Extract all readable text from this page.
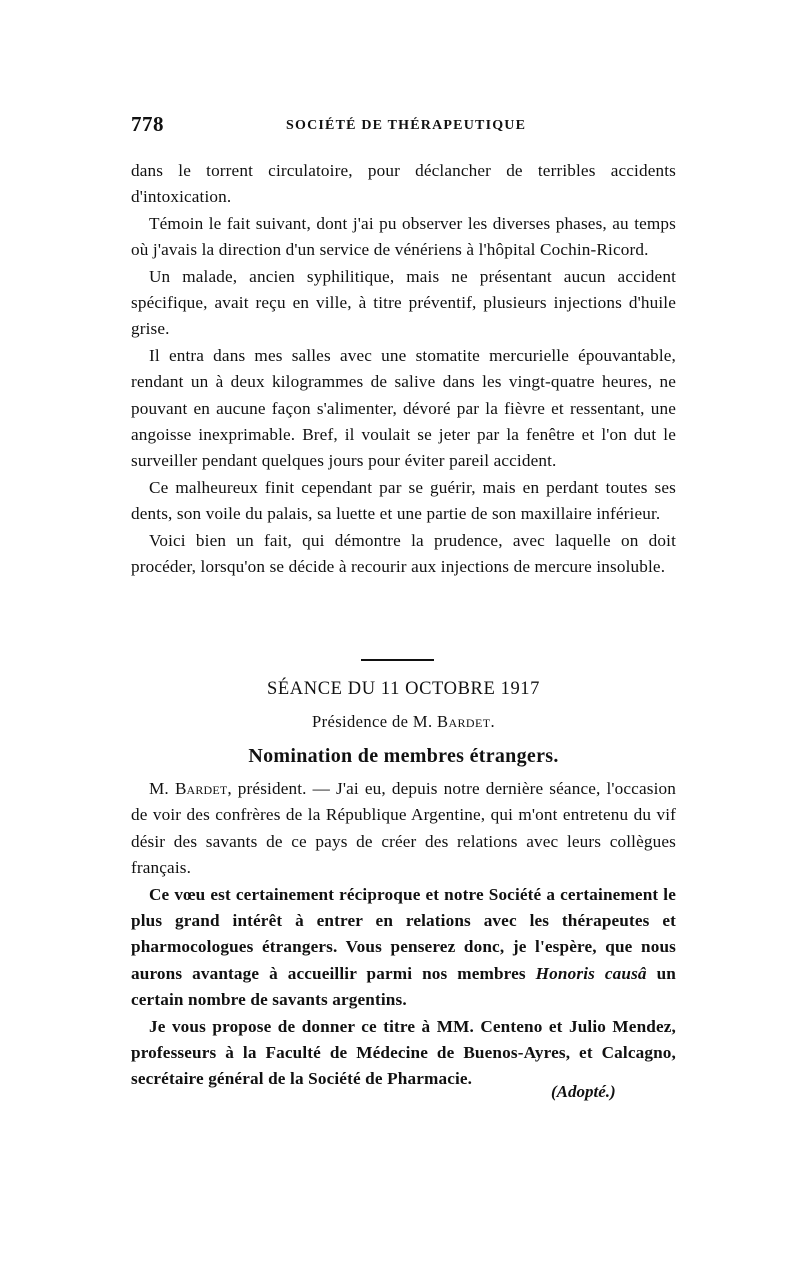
778	SOCIÉTÉ DE THÉRAPEUTIQUE

dans le torrent circulatoire, pour déclancher de terribles accidents d'intoxication.

Témoin le fait suivant, dont j'ai pu observer les diverses phases, au temps où j'avais la direction d'un service de vénériens à l'hôpital Cochin-Ricord.

Un malade, ancien syphilitique, mais ne présentant aucun accident spécifique, avait reçu en ville, à titre préventif, plusieurs injections d'huile grise.

Il entra dans mes salles avec une stomatite mercurielle épouvantable, rendant un à deux kilogrammes de salive dans les vingt-quatre heures, ne pouvant en aucune façon s'alimenter, dévoré par la fièvre et ressentant, une angoisse inexprimable. Bref, il voulait se jeter par la fenêtre et l'on dut le surveiller pendant quelques jours pour éviter pareil accident.

Ce malheureux finit cependant par se guérir, mais en perdant toutes ses dents, son voile du palais, sa luette et une partie de son maxillaire inférieur.

Voici bien un fait, qui démontre la prudence, avec laquelle on doit procéder, lorsqu'on se décide à recourir aux injections de mercure insoluble.

SÉANCE DU 11 OCTOBRE 1917
Présidence de M. Bardet.
Nomination de membres étrangers.

M. Bardet, président. — J'ai eu, depuis notre dernière séance, l'occasion de voir des confrères de la République Argentine, qui m'ont entretenu du vif désir des savants de ce pays de créer des relations avec leurs collègues français.

Ce vœu est certainement réciproque et notre Société a certainement le plus grand intérêt à entrer en relations avec les thérapeutes et pharmocologues étrangers. Vous penserez donc, je l'espère, que nous aurons avantage à accueillir parmi nos membres Honoris causâ un certain nombre de savants argentins.

Je vous propose de donner ce titre à MM. Centeno et Julio Mendez, professeurs à la Faculté de Médecine de Buenos-Ayres, et Calcagno, secrétaire général de la Société de Pharmacie.

(Adopté.)
